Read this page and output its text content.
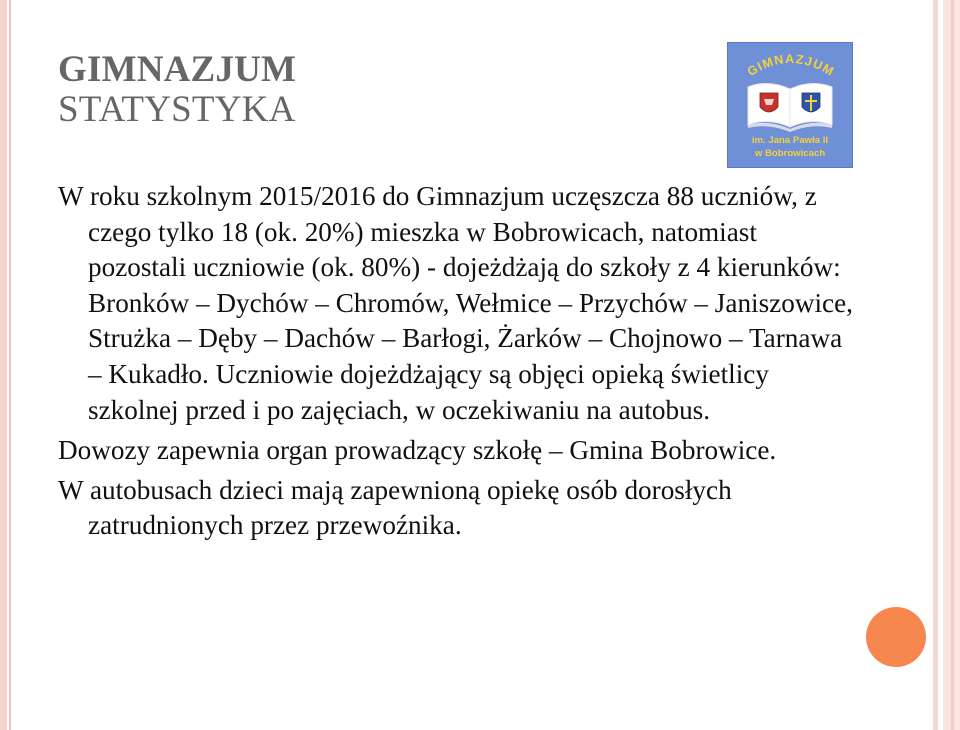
GIMNAZJUM
STATYSTYKA
GIMNAZJUM
im. Jana Pawła II
w Bobrowicach

W roku szkolnym 2015/2016 do Gimnazjum uczęszcza 88 uczniów, z czego tylko 18 (ok. 20%) mieszka w Bobrowicach, natomiast pozostali uczniowie (ok. 80%) - dojeżdżają do szkoły z 4 kierunków: Bronków – Dychów – Chromów, Wełmice – Przychów – Janiszowice, Strużka – Dęby – Dachów – Barłogi, Żarków – Chojnowo – Tarnawa – Kukadło. Uczniowie dojeżdżający są objęci opieką świetlicy szkolnej przed i po zajęciach, w oczekiwaniu na autobus.

Dowozy zapewnia organ prowadzący szkołę – Gmina Bobrowice.

W autobusach dzieci mają zapewnioną opiekę osób dorosłych zatrudnionych przez przewoźnika.
